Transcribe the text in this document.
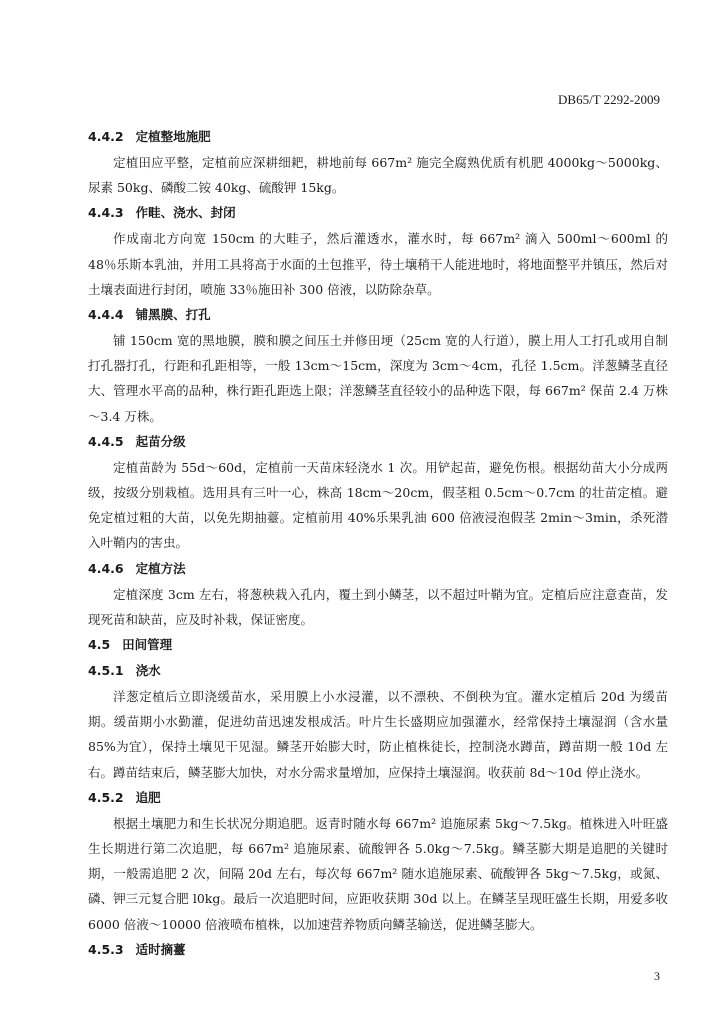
DB65/T 2292-2009
4.4.2 定植整地施肥

定植田应平整，定植前应深耕细耙，耕地前每 667m² 施完全腐熟优质有机肥 4000kg～5000kg、尿素 50kg、磷酸二铵 40kg、硫酸钾 15kg。

4.4.3 作畦、浇水、封闭

作成南北方向宽 150cm 的大畦子，然后灌透水，灌水时，每 667m² 滴入 500ml～600ml 的 48％乐斯本乳油，并用工具将高于水面的土包推平，待土壤稍干人能进地时，将地面整平并镇压，然后对土壤表面进行封闭，喷施 33％施田补 300 倍液，以防除杂草。

4.4.4 铺黑膜、打孔

铺 150cm 宽的黑地膜，膜和膜之间压土并修田埂（25cm 宽的人行道），膜上用人工打孔或用自制打孔器打孔，行距和孔距相等，一般 13cm～15cm，深度为 3cm～4cm，孔径 1.5cm。洋葱鳞茎直径大、管理水平高的品种，株行距孔距选上限；洋葱鳞茎直径较小的品种选下限，每 667m² 保苗 2.4 万株～3.4 万株。

4.4.5 起苗分级

定植苗龄为 55d～60d，定植前一天苗床轻浇水 1 次。用铲起苗，避免伤根。根据幼苗大小分成两级，按级分别栽植。选用具有三叶一心，株高 18cm～20cm，假茎粗 0.5cm～0.7cm 的壮苗定植。避免定植过粗的大苗，以免先期抽薹。定植前用 40%乐果乳油 600 倍液浸泡假茎 2min～3min，杀死潜入叶鞘内的害虫。

4.4.6 定植方法

定植深度 3cm 左右，将葱秧栽入孔内，覆土到小鳞茎，以不超过叶鞘为宜。定植后应注意查苗，发现死苗和缺苗，应及时补栽，保证密度。

4.5 田间管理
4.5.1 浇水

洋葱定植后立即浇缓苗水，采用膜上小水浸灌，以不漂秧、不倒秧为宜。灌水定植后 20d 为缓苗期。缓苗期小水勤灌，促进幼苗迅速发根成活。叶片生长盛期应加强灌水，经常保持土壤湿润（含水量 85%为宜），保持土壤见干见湿。鳞茎开始膨大时，防止植株徒长，控制浇水蹲苗，蹲苗期一般 10d 左右。蹲苗结束后，鳞茎膨大加快，对水分需求量增加，应保持土壤湿润。收获前 8d～10d 停止浇水。

4.5.2 追肥

根据土壤肥力和生长状况分期追肥。返青时随水每 667m² 追施尿素 5kg～7.5kg。植株进入叶旺盛生长期进行第二次追肥，每 667m² 追施尿素、硫酸钾各 5.0kg～7.5kg。鳞茎膨大期是追肥的关键时期，一般需追肥 2 次，间隔 20d 左右，每次每 667m² 随水追施尿素、硫酸钾各 5kg～7.5kg，或氮、磷、钾三元复合肥 l0kg。最后一次追肥时间，应距收获期 30d 以上。在鳞茎呈现旺盛生长期，用爱多收 6000 倍液～10000 倍液喷布植株，以加速营养物质向鳞茎输送，促进鳞茎膨大。

4.5.3 适时摘薹
3
